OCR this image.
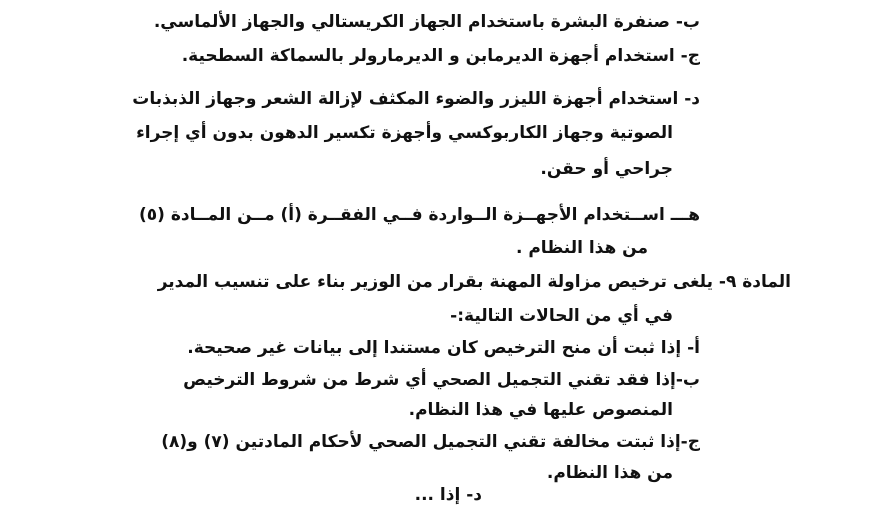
ب- صنفرة البشرة باستخدام الجهاز الكريستالي والجهاز الألماسي.
ج- استخدام أجهزة الديرمابن و الديرمارولر بالسماكة السطحية.
د- استخدام أجهزة الليزر والضوء المكثف لإزالة الشعر وجهاز الذبذبات
الصوتية وجهاز الكاربوكسي وأجهزة تكسير الدهون بدون أي إجراء
جراحي أو حقن.
هـــ اســتخدام الأجهــزة الــواردة فــي الفقــرة (أ) مــن المــادة (٥)
من هذا النظام .
المادة ٩- يلغى ترخيص مزاولة المهنة بقرار من الوزير بناء على تنسيب المدير
في أي من الحالات التالية:-
أ- إذا ثبت أن منح الترخيص كان مستندا إلى بيانات غير صحيحة.
ب-إذا فقد تقني التجميل الصحي أي شرط من شروط الترخيص
المنصوص عليها في هذا النظام.
ج-إذا ثبتت مخالفة تقني التجميل الصحي لأحكام المادتين (٧) و(٨)
من هذا النظام.
د- إذا ...
